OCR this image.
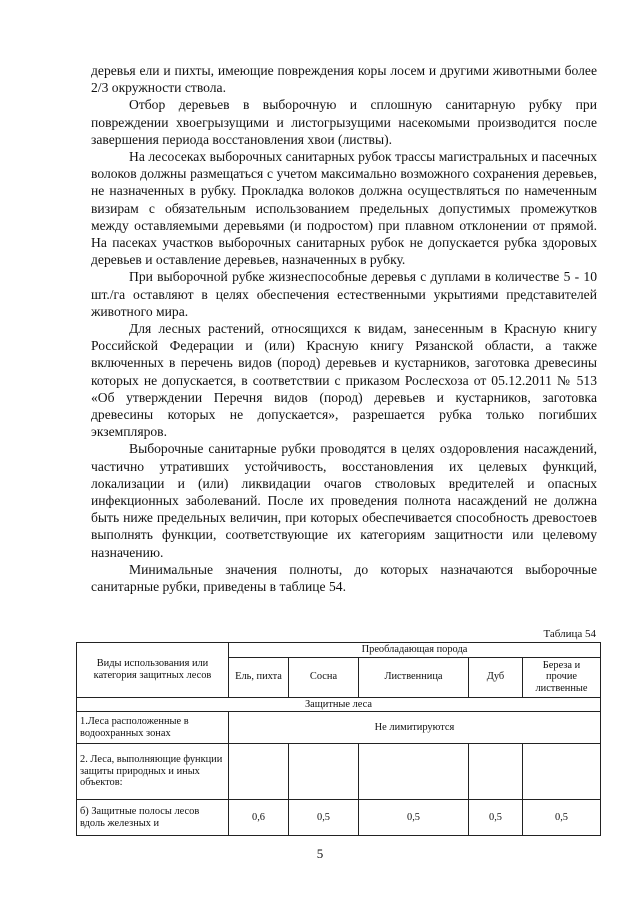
деревья ели и пихты, имеющие повреждения коры лосем и другими животными более 2/3 окружности ствола.

Отбор деревьев в выборочную и сплошную санитарную рубку при повреждении хвоегрызущими и листогрызущими насекомыми производится после завершения периода восстановления хвои (листвы).

На лесосеках выборочных санитарных рубок трассы магистральных и пасечных волоков должны размещаться с учетом максимально возможного сохранения деревьев, не назначенных в рубку. Прокладка волоков должна осуществляться по намеченным визирам с обязательным использованием предельных допустимых промежутков между оставляемыми деревьями (и подростом) при плавном отклонении от прямой. На пасеках участков выборочных санитарных рубок не допускается рубка здоровых деревьев и оставление деревьев, назначенных в рубку.

При выборочной рубке жизнеспособные деревья с дуплами в количестве 5 - 10 шт./га оставляют в целях обеспечения естественными укрытиями представителей животного мира.

Для лесных растений, относящихся к видам, занесенным в Красную книгу Российской Федерации и (или) Красную книгу Рязанской области, а также включенных в перечень видов (пород) деревьев и кустарников, заготовка древесины которых не допускается, в соответствии с приказом Рослесхоза от 05.12.2011 № 513 «Об утверждении Перечня видов (пород) деревьев и кустарников, заготовка древесины которых не допускается», разрешается рубка только погибших экземпляров.

Выборочные санитарные рубки проводятся в целях оздоровления насаждений, частично утративших устойчивость, восстановления их целевых функций, локализации и (или) ликвидации очагов стволовых вредителей и опасных инфекционных заболеваний. После их проведения полнота насаждений не должна быть ниже предельных величин, при которых обеспечивается способность древостоев выполнять функции, соответствующие их категориям защитности или целевому назначению.

Минимальные значения полноты, до которых назначаются выборочные санитарные рубки, приведены в таблице 54.

Таблица 54
Виды использования или категория защитных лесов	Преобладающая порода				
	Ель, пихта	Сосна	Лиственница	Дуб	Береза и прочие лиственные
Защитные леса					
1.Леса расположенные в водоохранных зонах	Не лимитируются				
2. Леса, выполняющие функции защиты природных и иных объектов:					
б) Защитные полосы лесов вдоль железных и	0,6	0,5	0,5	0,5	0,5
5
